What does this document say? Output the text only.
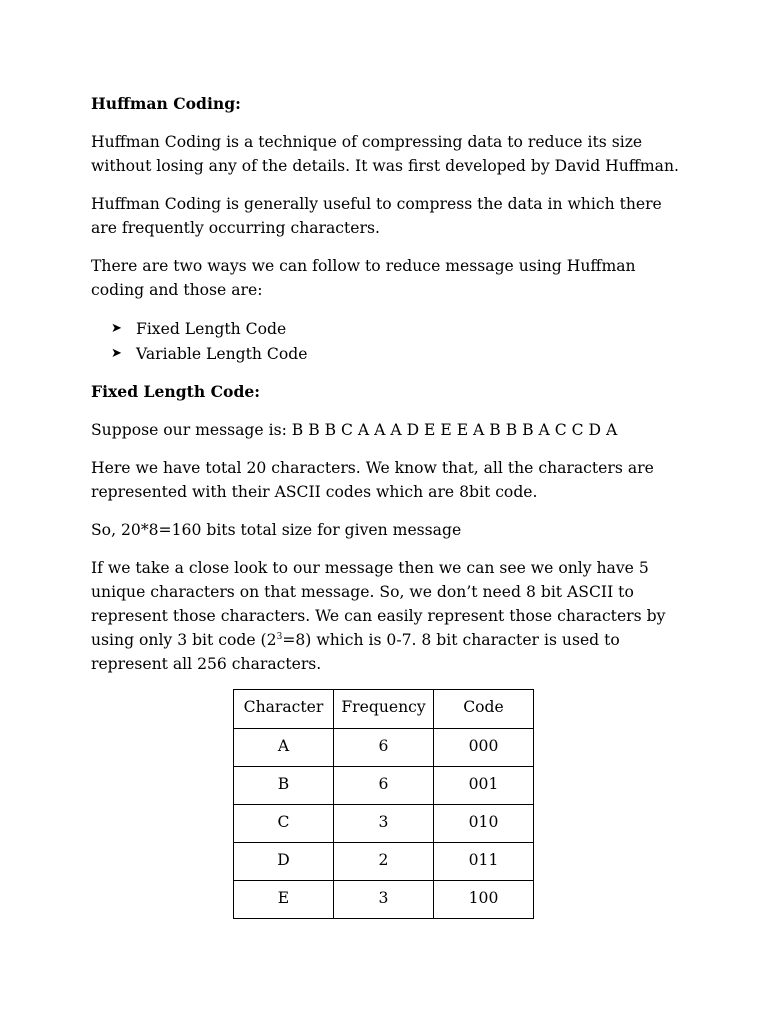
Huffman Coding:
Huffman Coding is a technique of compressing data to reduce its size without losing any of the details. It was first developed by David Huffman.
Huffman Coding is generally useful to compress the data in which there are frequently occurring characters.
There are two ways we can follow to reduce message using Huffman coding and those are:
➤ Fixed Length Code
➤ Variable Length Code
Fixed Length Code:
Suppose our message is: B B B C A A A D E E E A B B B A C C D A
Here we have total 20 characters. We know that, all the characters are represented with their ASCII codes which are 8bit code.
So, 20*8=160 bits total size for given message
If we take a close look to our message then we can see we only have 5 unique characters on that message. So, we don’t need 8 bit ASCII to represent those characters. We can easily represent those characters by using only 3 bit code $(2^3=8)$ which is 0-7. 8 bit character is used to represent all 256 characters.
Character	Frequency	Code
A	6	000
B	6	001
C	3	010
D	2	011
E	3	100
